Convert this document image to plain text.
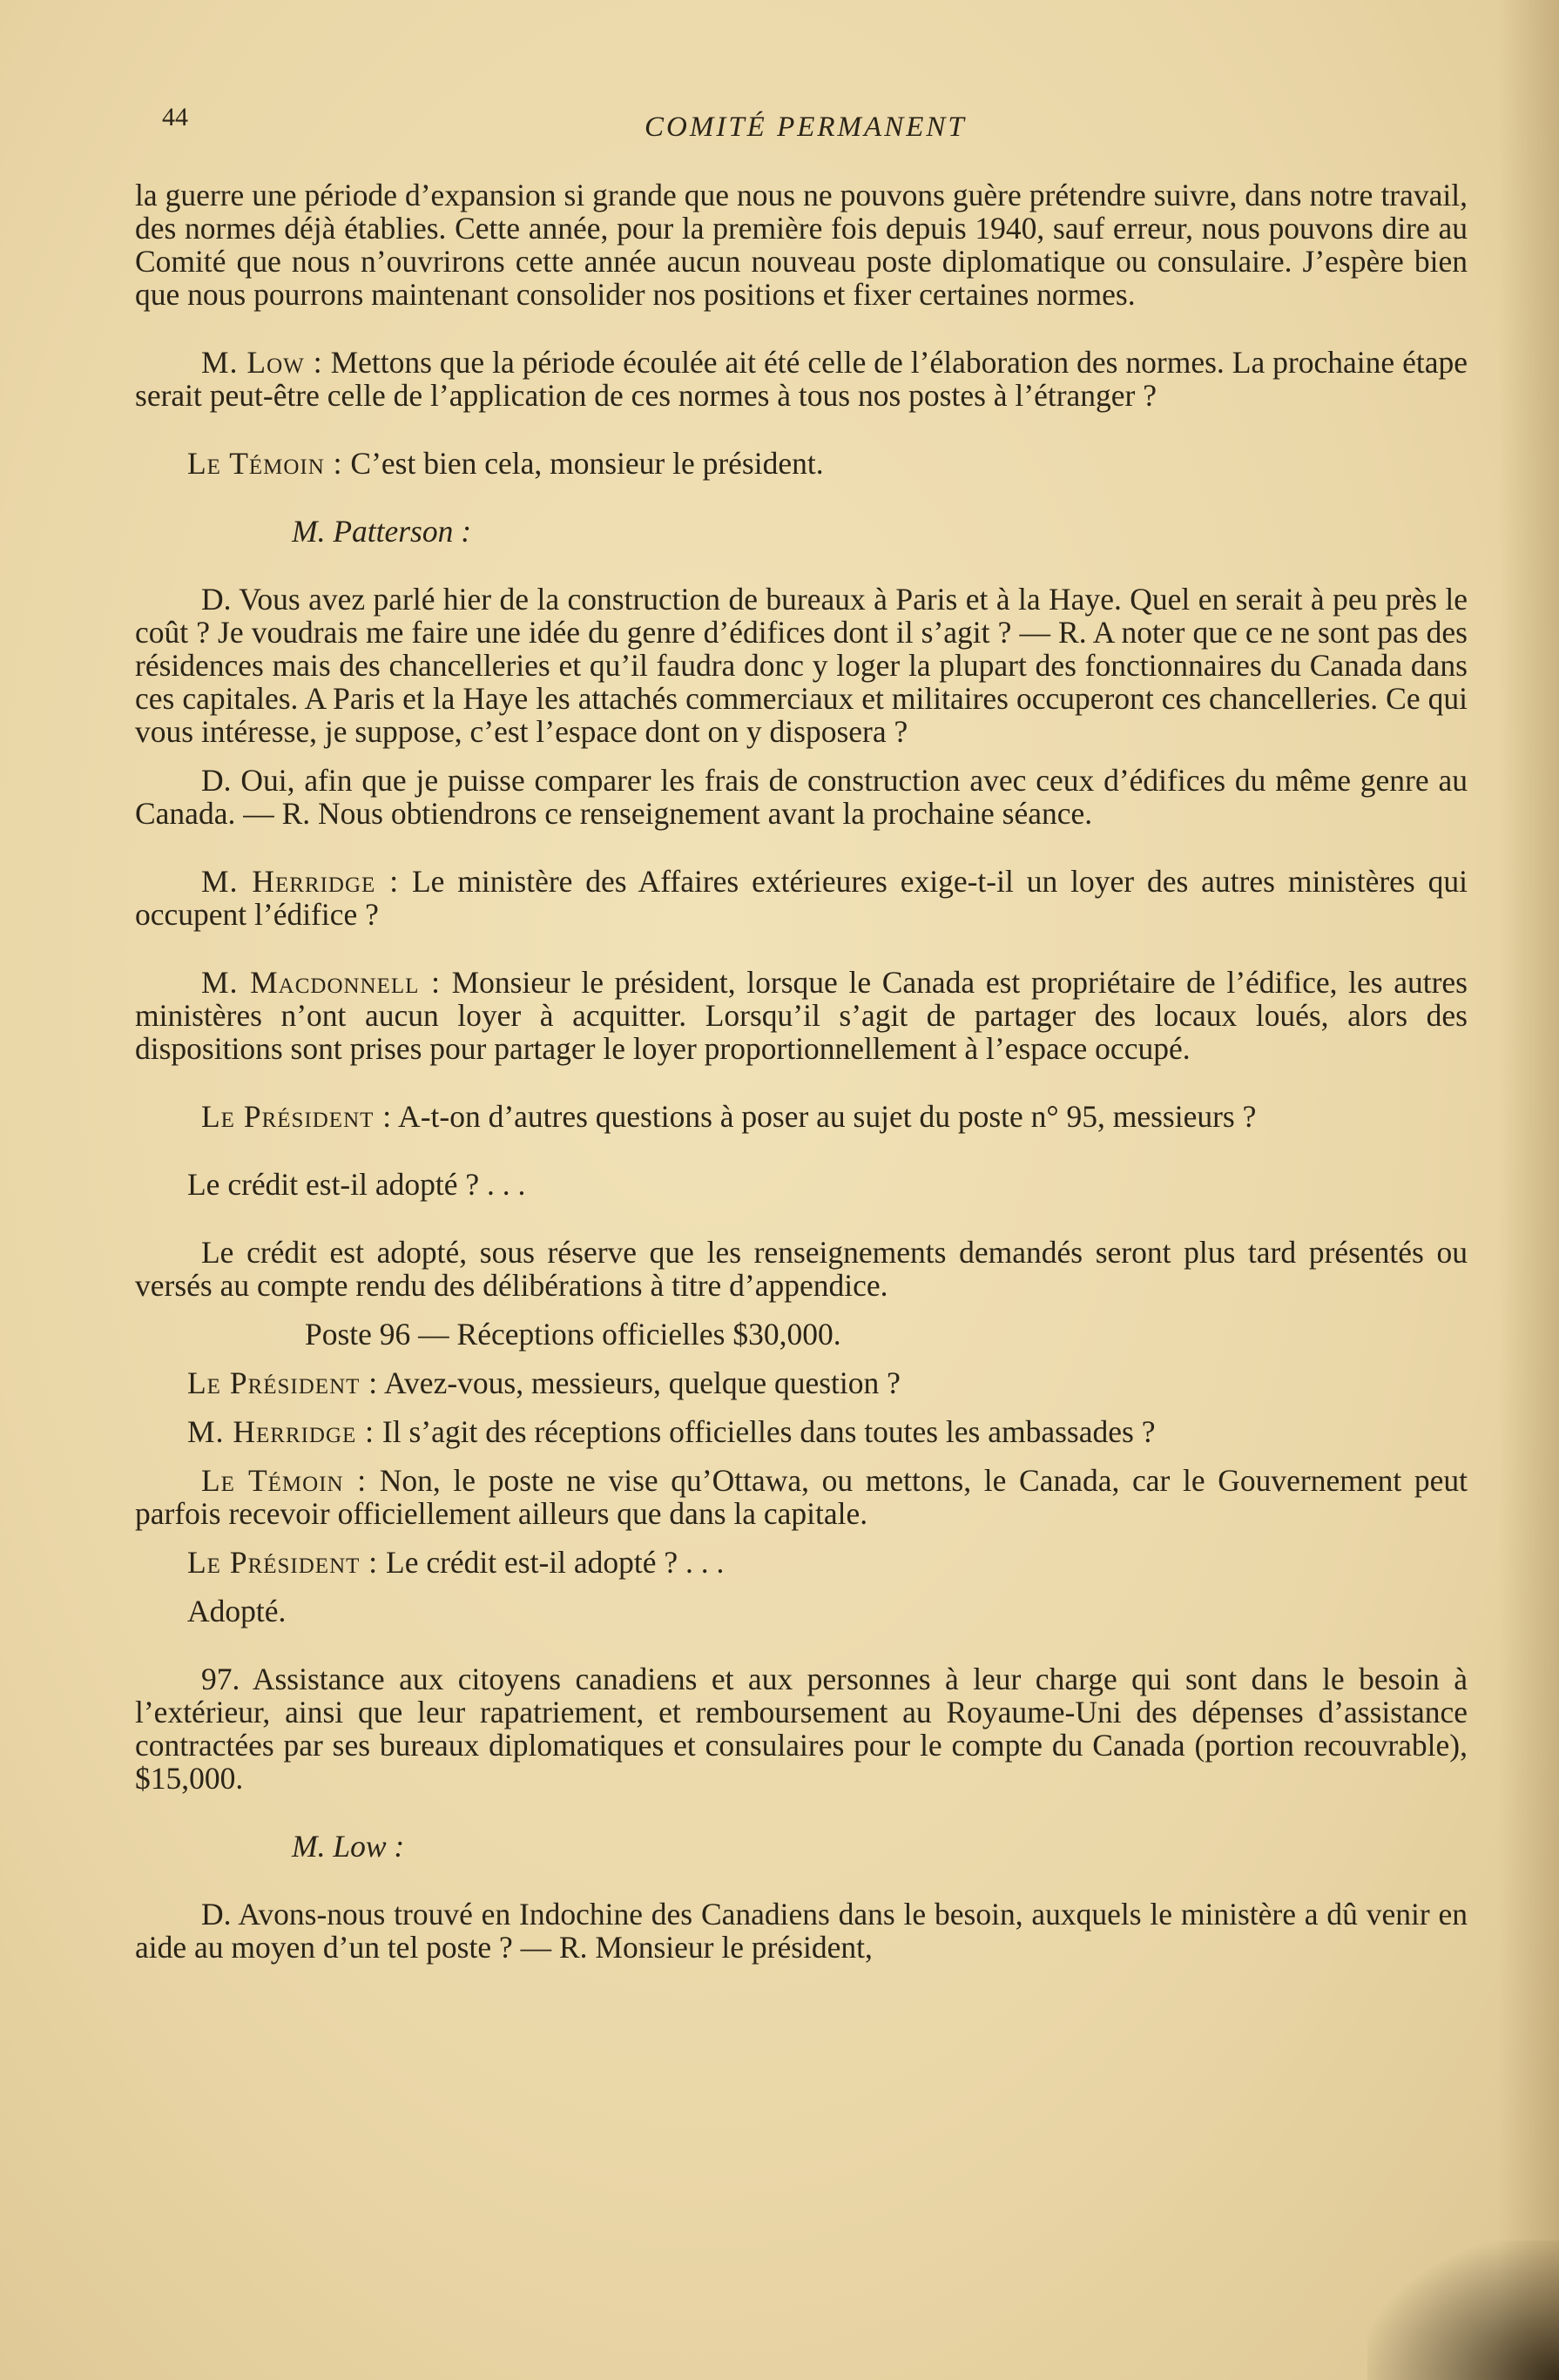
44	COMITÉ PERMANENT

la guerre une période d’expansion si grande que nous ne pouvons guère prétendre suivre, dans notre travail, des normes déjà établies. Cette année, pour la première fois depuis 1940, sauf erreur, nous pouvons dire au Comité que nous n’ouvrirons cette année aucun nouveau poste diplomatique ou consulaire. J’espère bien que nous pourrons maintenant consolider nos positions et fixer certaines normes.

M. Low : Mettons que la période écoulée ait été celle de l’élaboration des normes. La prochaine étape serait peut-être celle de l’application de ces normes à tous nos postes à l’étranger ?

Le Témoin : C’est bien cela, monsieur le président.

M. Patterson :

D. Vous avez parlé hier de la construction de bureaux à Paris et à la Haye. Quel en serait à peu près le coût ? Je voudrais me faire une idée du genre d’édifices dont il s’agit ? — R. A noter que ce ne sont pas des résidences mais des chancelleries et qu’il faudra donc y loger la plupart des fonctionnaires du Canada dans ces capitales. A Paris et la Haye les attachés commerciaux et militaires occuperont ces chancelleries. Ce qui vous intéresse, je suppose, c’est l’espace dont on y disposera ?

D. Oui, afin que je puisse comparer les frais de construction avec ceux d’édifices du même genre au Canada. — R. Nous obtiendrons ce renseignement avant la prochaine séance.

M. Herridge : Le ministère des Affaires extérieures exige-t-il un loyer des autres ministères qui occupent l’édifice ?

M. Macdonnell : Monsieur le président, lorsque le Canada est propriétaire de l’édifice, les autres ministères n’ont aucun loyer à acquitter. Lorsqu’il s’agit de partager des locaux loués, alors des dispositions sont prises pour partager le loyer proportionnellement à l’espace occupé.

Le Président : A-t-on d’autres questions à poser au sujet du poste n° 95, messieurs ?

Le crédit est-il adopté ? . . .

Le crédit est adopté, sous réserve que les renseignements demandés seront plus tard présentés ou versés au compte rendu des délibérations à titre d’appendice.

Poste 96 — Réceptions officielles $30,000.

Le Président : Avez-vous, messieurs, quelque question ?

M. Herridge : Il s’agit des réceptions officielles dans toutes les ambassades ?

Le Témoin : Non, le poste ne vise qu’Ottawa, ou mettons, le Canada, car le Gouvernement peut parfois recevoir officiellement ailleurs que dans la capitale.

Le Président : Le crédit est-il adopté ? . . .

Adopté.

97. Assistance aux citoyens canadiens et aux personnes à leur charge qui sont dans le besoin à l’extérieur, ainsi que leur rapatriement, et remboursement au Royaume-Uni des dépenses d’assistance contractées par ses bureaux diplomatiques et consulaires pour le compte du Canada (portion recouvrable), $15,000.

M. Low :

D. Avons-nous trouvé en Indochine des Canadiens dans le besoin, auxquels le ministère a dû venir en aide au moyen d’un tel poste ? — R. Monsieur le président,
